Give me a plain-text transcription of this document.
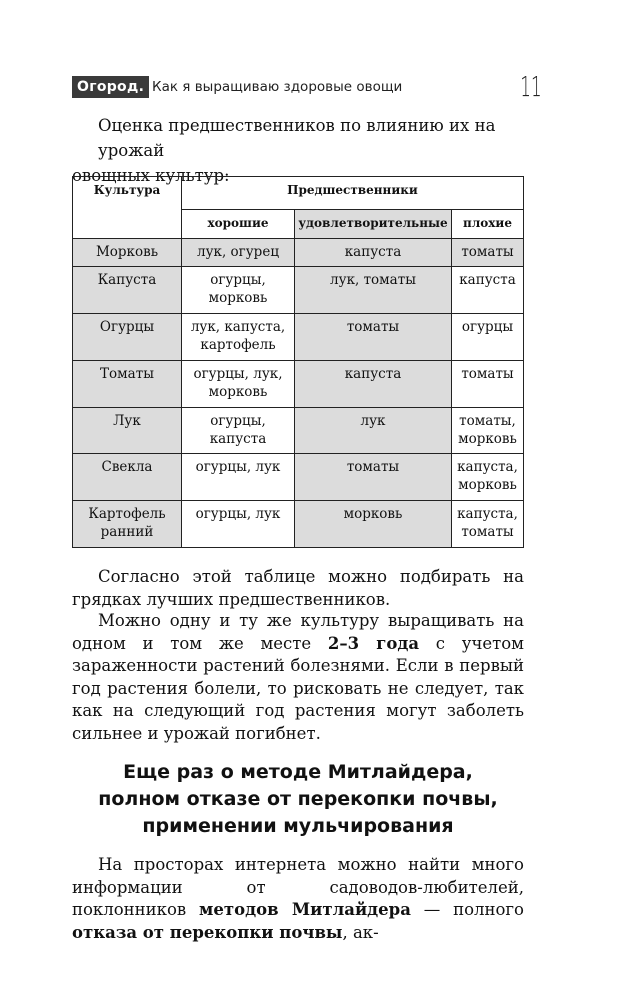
Огород. Как я выращиваю здоровые овощи	11

Оценка предшественников по влиянию их на урожай
овощных культур:

Культура	Предшественники		
	хорошие	удовлетворительные	плохие
Морковь	лук, огурец	капуста	томаты
Капуста	огурцы, морковь	лук, томаты	капуста
Огурцы	лук, капуста, картофель	томаты	огурцы
Томаты	огурцы, лук, морковь	капуста	томаты
Лук	огурцы, капуста	лук	томаты, морковь
Свекла	огурцы, лук	томаты	капуста, морковь
Картофель ранний	огурцы, лук	морковь	капуста, томаты

Согласно этой таблице можно подбирать на грядках лучших предшественников.

Можно одну и ту же культуру выращивать на одном и том же месте 2–3 года с учетом зараженности растений болезнями. Если в первый год растения болели, то рисковать не следует, так как на следующий год растения могут заболеть сильнее и урожай погибнет.

Еще раз о методе Митлайдера,
полном отказе от перекопки почвы,
применении мульчирования

На просторах интернета можно найти много информации от садоводов-любителей, поклонников методов Митлайдера — полного отказа от перекопки почвы, ак-
